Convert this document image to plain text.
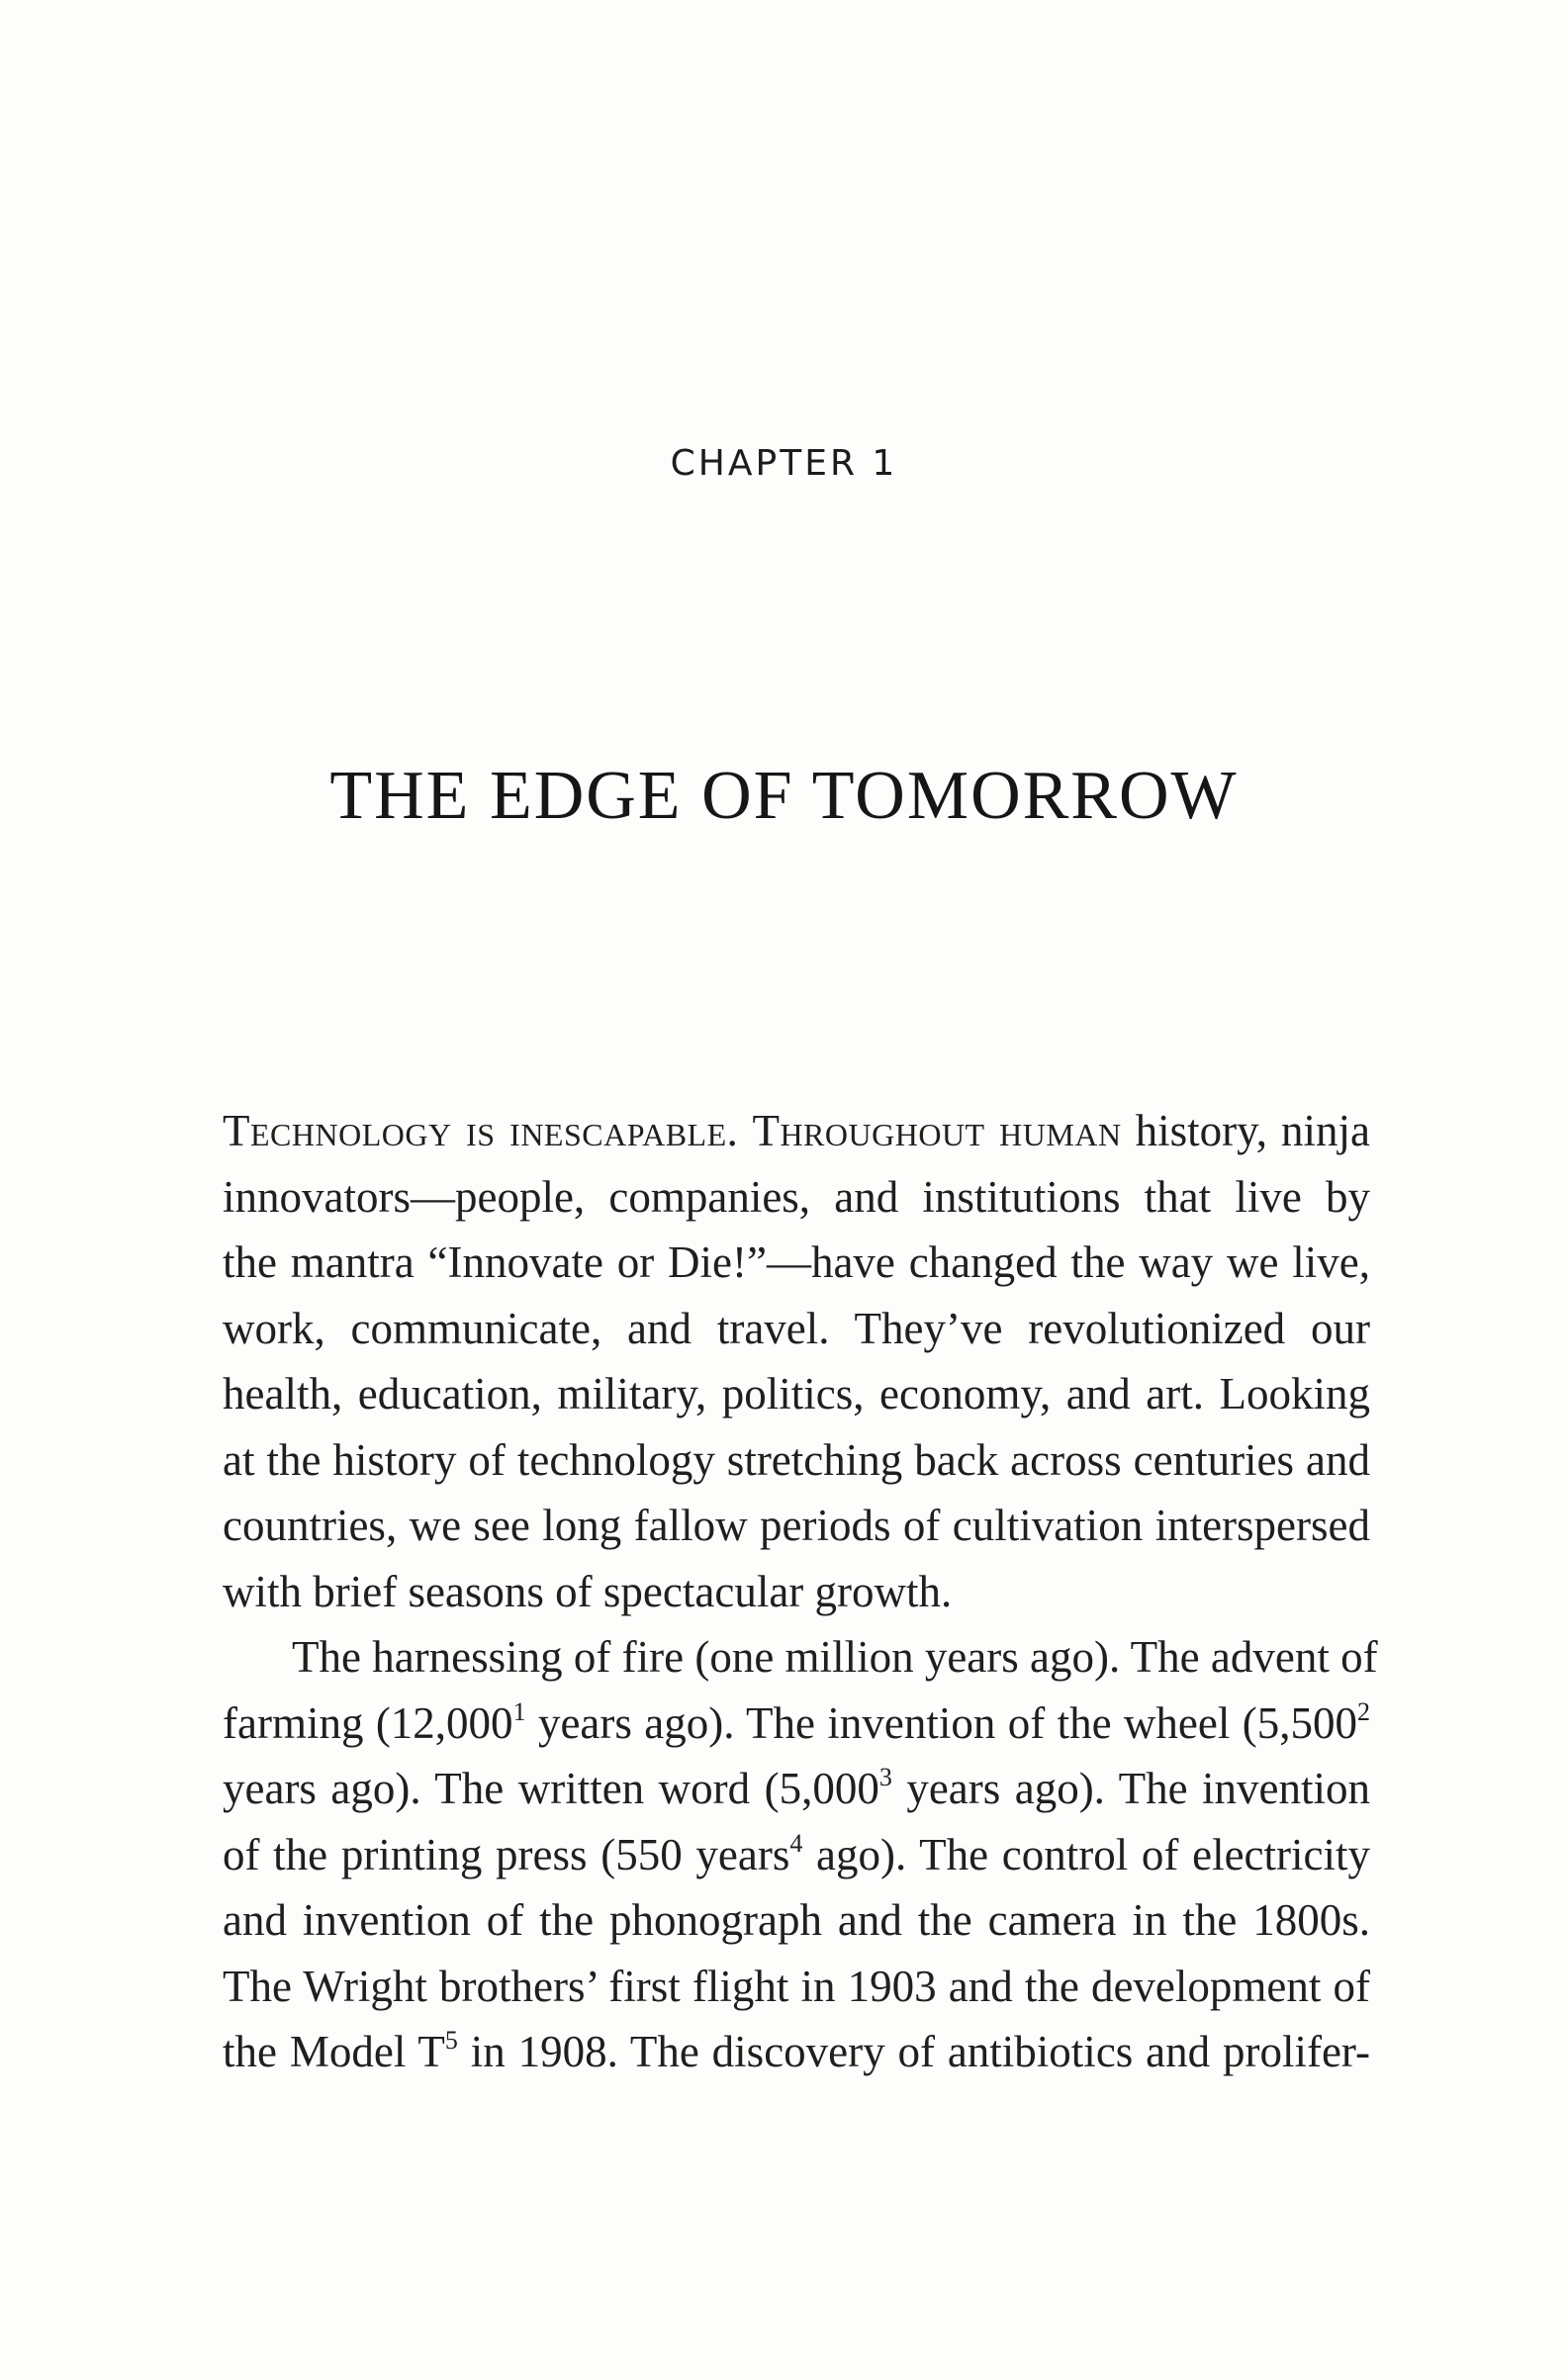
CHAPTER 1
THE EDGE OF TOMORROW
Technology is inescapable. Throughout human history, ninja
innovators—people, companies, and institutions that live by
the mantra “Innovate or Die!”—have changed the way we live,
work, communicate, and travel. They’ve revolutionized our
health, education, military, politics, economy, and art. Looking
at the history of technology stretching back across centuries and
countries, we see long fallow periods of cultivation interspersed
with brief seasons of spectacular growth.
The harnessing of fire (one million years ago). The advent of
farming (12,000$^1$ years ago). The invention of the wheel (5,500$^2$
years ago). The written word (5,000$^3$ years ago). The invention
of the printing press (550 years$^4$ ago). The control of electricity
and invention of the phonograph and the camera in the 1800s.
The Wright brothers’ first flight in 1903 and the development of
the Model $T^5$ in 1908. The discovery of antibiotics and prolifer-
